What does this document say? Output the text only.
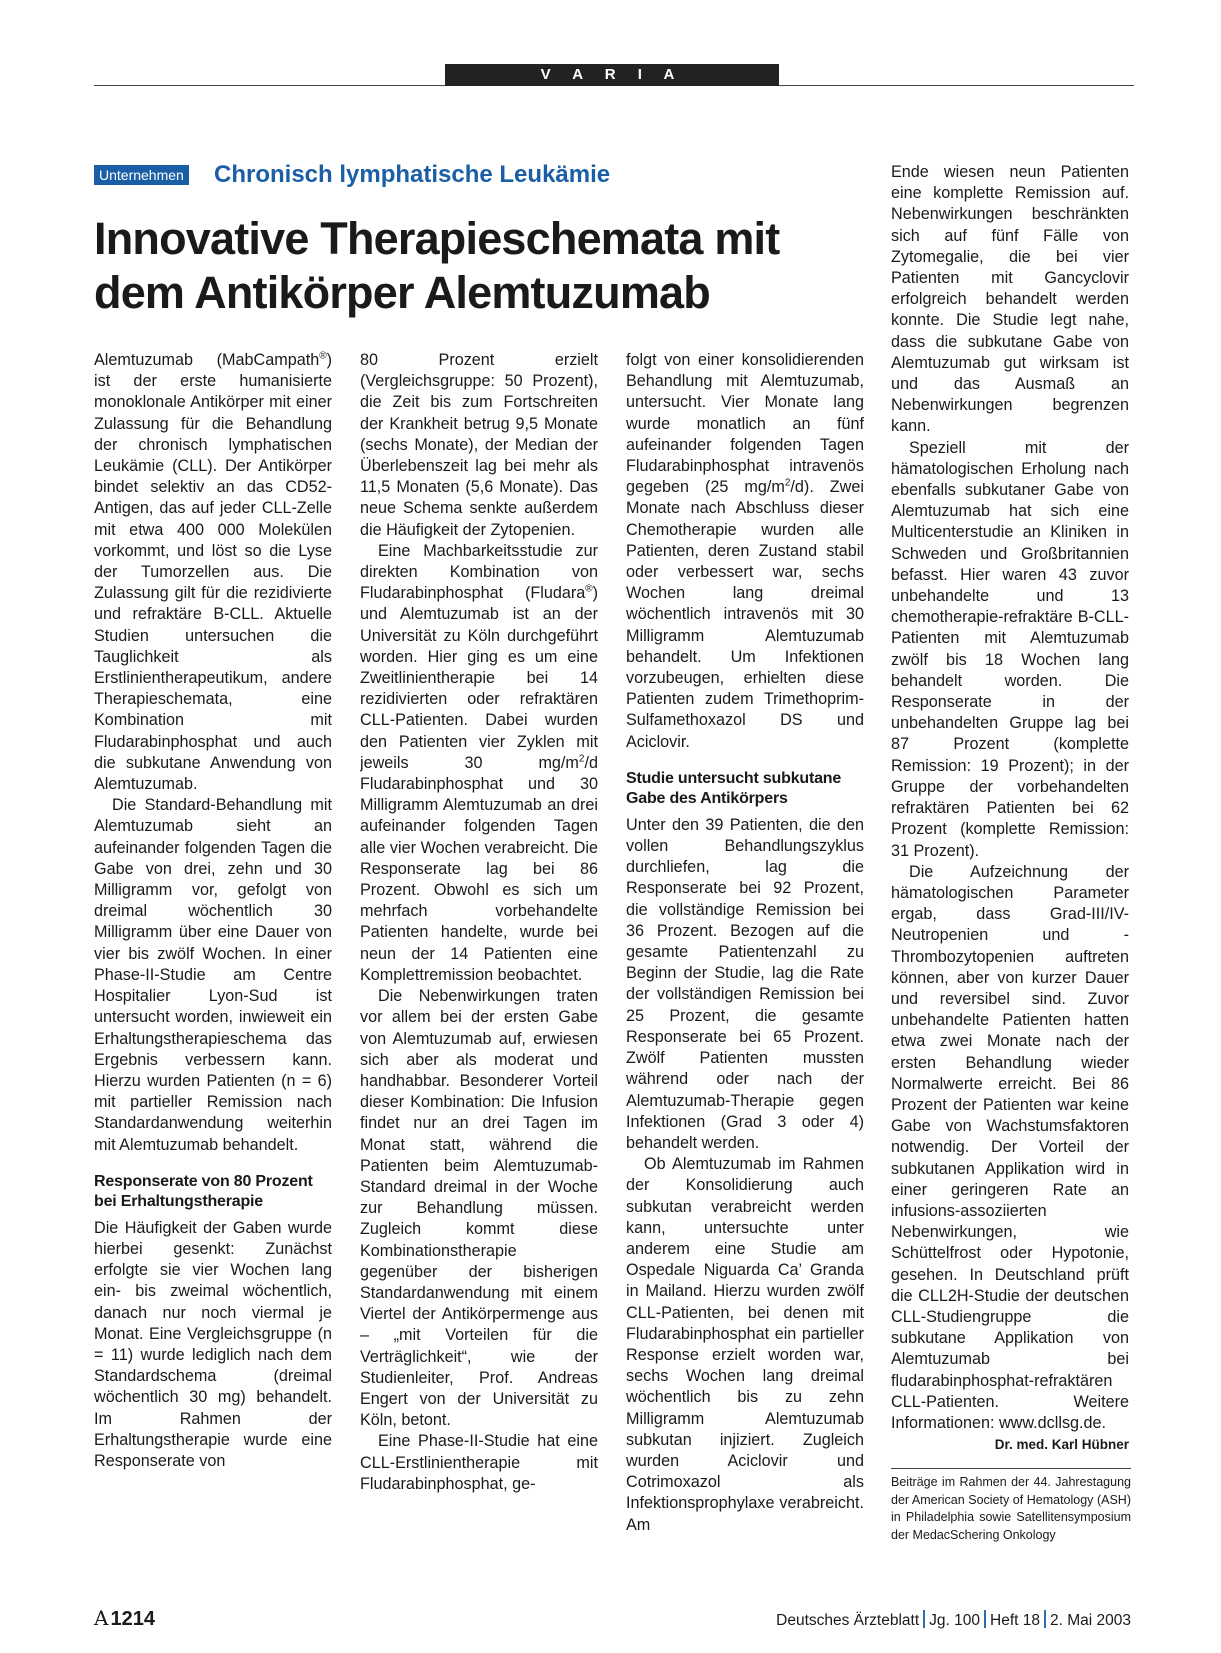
V A R I A
Unternehmen Chronisch lymphatische Leukämie
Innovative Therapieschemata mit dem Antikörper Alemtuzumab

Alemtuzumab (MabCampath®) ist der erste humanisierte monoklonale Antikörper mit einer Zulassung für die Behandlung der chronisch lymphatischen Leukämie (CLL). Der Antikörper bindet selektiv an das CD52-Antigen, das auf jeder CLL-Zelle mit etwa 400 000 Molekülen vorkommt, und löst so die Lyse der Tumorzellen aus. Die Zulassung gilt für die rezidivierte und refraktäre B-CLL. Aktuelle Studien untersuchen die Tauglichkeit als Erstlinientherapeutikum, andere Therapieschemata, eine Kombination mit Fludarabinphosphat und auch die subkutane Anwendung von Alemtuzumab.

Die Standard-Behandlung mit Alemtuzumab sieht an aufeinander folgenden Tagen die Gabe von drei, zehn und 30 Milligramm vor, gefolgt von dreimal wöchentlich 30 Milligramm über eine Dauer von vier bis zwölf Wochen. In einer Phase-II-Studie am Centre Hospitalier Lyon-Sud ist untersucht worden, inwieweit ein Erhaltungstherapieschema das Ergebnis verbessern kann. Hierzu wurden Patienten (n = 6) mit partieller Remission nach Standardanwendung weiterhin mit Alemtuzumab behandelt.

Responserate von 80 Prozent bei Erhaltungstherapie

Die Häufigkeit der Gaben wurde hierbei gesenkt: Zunächst erfolgte sie vier Wochen lang ein- bis zweimal wöchentlich, danach nur noch viermal je Monat. Eine Vergleichsgruppe (n = 11) wurde lediglich nach dem Standardschema (dreimal wöchentlich 30 mg) behandelt. Im Rahmen der Erhaltungstherapie wurde eine Responserate von

80 Prozent erzielt (Vergleichsgruppe: 50 Prozent), die Zeit bis zum Fortschreiten der Krankheit betrug 9,5 Monate (sechs Monate), der Median der Überlebenszeit lag bei mehr als 11,5 Monaten (5,6 Monate). Das neue Schema senkte außerdem die Häufigkeit der Zytopenien.

Eine Machbarkeitsstudie zur direkten Kombination von Fludarabinphosphat (Fludara®) und Alemtuzumab ist an der Universität zu Köln durchgeführt worden. Hier ging es um eine Zweitlinientherapie bei 14 rezidivierten oder refraktären CLL-Patienten. Dabei wurden den Patienten vier Zyklen mit jeweils 30 $mg/m^2/d$ Fludarabinphosphat und 30 Milligramm Alemtuzumab an drei aufeinander folgenden Tagen alle vier Wochen verabreicht. Die Responserate lag bei 86 Prozent. Obwohl es sich um mehrfach vorbehandelte Patienten handelte, wurde bei neun der 14 Patienten eine Komplettremission beobachtet.

Die Nebenwirkungen traten vor allem bei der ersten Gabe von Alemtuzumab auf, erwiesen sich aber als moderat und handhabbar. Besonderer Vorteil dieser Kombination: Die Infusion findet nur an drei Tagen im Monat statt, während die Patienten beim Alemtuzumab-Standard dreimal in der Woche zur Behandlung müssen. Zugleich kommt diese Kombinationstherapie gegenüber der bisherigen Standardanwendung mit einem Viertel der Antikörpermenge aus – „mit Vorteilen für die Verträglichkeit“, wie der Studienleiter, Prof. Andreas Engert von der Universität zu Köln, betont.

Eine Phase-II-Studie hat eine CLL-Erstlinientherapie mit Fludarabinphosphat, ge-

folgt von einer konsolidierenden Behandlung mit Alemtuzumab, untersucht. Vier Monate lang wurde monatlich an fünf aufeinander folgenden Tagen Fludarabinphosphat intravenös gegeben (25 $mg/m^2/d$). Zwei Monate nach Abschluss dieser Chemotherapie wurden alle Patienten, deren Zustand stabil oder verbessert war, sechs Wochen lang dreimal wöchentlich intravenös mit 30 Milligramm Alemtuzumab behandelt. Um Infektionen vorzubeugen, erhielten diese Patienten zudem Trimethoprim-Sulfamethoxazol DS und Aciclovir.

Studie untersucht subkutane Gabe des Antikörpers

Unter den 39 Patienten, die den vollen Behandlungszyklus durchliefen, lag die Responserate bei 92 Prozent, die vollständige Remission bei 36 Prozent. Bezogen auf die gesamte Patientenzahl zu Beginn der Studie, lag die Rate der vollständigen Remission bei 25 Prozent, die gesamte Responserate bei 65 Prozent. Zwölf Patienten mussten während oder nach der Alemtuzumab-Therapie gegen Infektionen (Grad 3 oder 4) behandelt werden.

Ob Alemtuzumab im Rahmen der Konsolidierung auch subkutan verabreicht werden kann, untersuchte unter anderem eine Studie am Ospedale Niguarda Ca’ Granda in Mailand. Hierzu wurden zwölf CLL-Patienten, bei denen mit Fludarabinphosphat ein partieller Response erzielt worden war, sechs Wochen lang dreimal wöchentlich bis zu zehn Milligramm Alemtuzumab subkutan injiziert. Zugleich wurden Aciclovir und Cotrimoxazol als Infektionsprophylaxe verabreicht. Am

Ende wiesen neun Patienten eine komplette Remission auf. Nebenwirkungen beschränkten sich auf fünf Fälle von Zytomegalie, die bei vier Patienten mit Gancyclovir erfolgreich behandelt werden konnte. Die Studie legt nahe, dass die subkutane Gabe von Alemtuzumab gut wirksam ist und das Ausmaß an Nebenwirkungen begrenzen kann.

Speziell mit der hämatologischen Erholung nach ebenfalls subkutaner Gabe von Alemtuzumab hat sich eine Multicenterstudie an Kliniken in Schweden und Großbritannien befasst. Hier waren 43 zuvor unbehandelte und 13 chemotherapie-refraktäre B-CLL-Patienten mit Alemtuzumab zwölf bis 18 Wochen lang behandelt worden. Die Responserate in der unbehandelten Gruppe lag bei 87 Prozent (komplette Remission: 19 Prozent); in der Gruppe der vorbehandelten refraktären Patienten bei 62 Prozent (komplette Remission: 31 Prozent).

Die Aufzeichnung der hämatologischen Parameter ergab, dass Grad-III/IV-Neutropenien und -Thrombozytopenien auftreten können, aber von kurzer Dauer und reversibel sind. Zuvor unbehandelte Patienten hatten etwa zwei Monate nach der ersten Behandlung wieder Normalwerte erreicht. Bei 86 Prozent der Patienten war keine Gabe von Wachstumsfaktoren notwendig. Der Vorteil der subkutanen Applikation wird in einer geringeren Rate an infusions-assoziierten Nebenwirkungen, wie Schüttelfrost oder Hypotonie, gesehen. In Deutschland prüft die CLL2H-Studie der deutschen CLL-Studiengruppe die subkutane Applikation von Alemtuzumab bei fludarabinphosphat-refraktären CLL-Patienten. Weitere Informationen: www.dcllsg.de.
Dr. med. Karl Hübner

Beiträge im Rahmen der 44. Jahrestagung der American Society of Hematology (ASH) in Philadelphia sowie Satellitensymposium der MedacSchering Onkology
A 1214	Deutsches Ärzteblatt Jg. 100 Heft 18 2. Mai 2003
